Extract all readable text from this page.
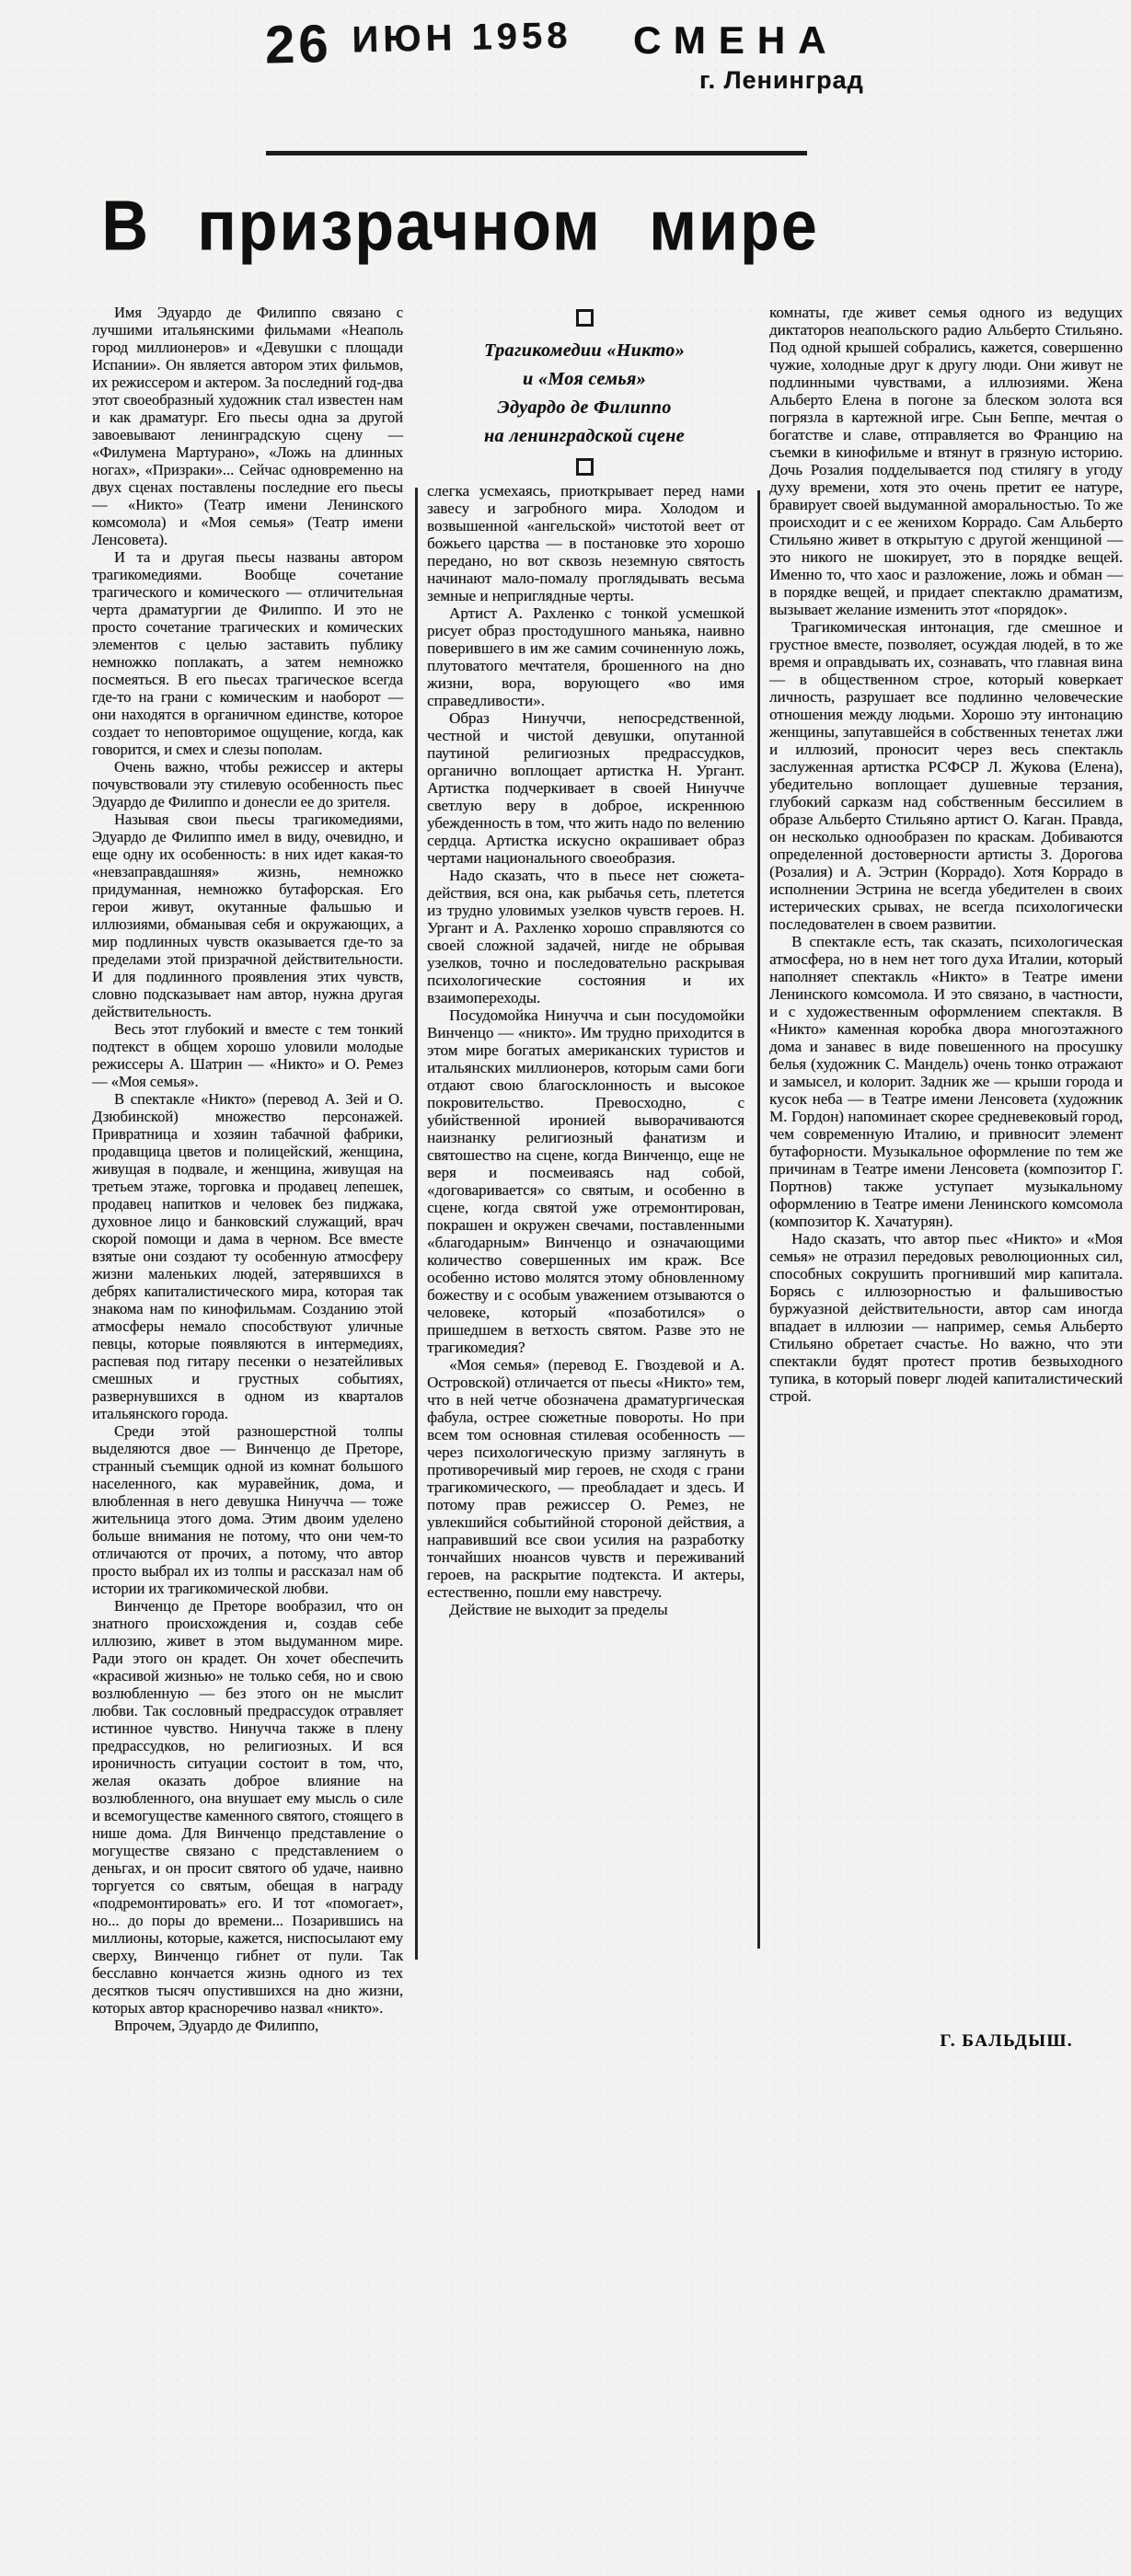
26 ИЮН 1958 СМЕНА
г. Ленинград
В призрачном мире
Трагикомедии «Никто»
и «Моя семья»
Эдуардо де Филиппо
на ленинградской сцене

Имя Эдуардо де Филиппо связано с лучшими итальянскими фильмами «Неаполь город миллионеров» и «Девушки с площади Испании». Он является автором этих фильмов, их режиссером и актером. За последний год-два этот своеобразный художник стал известен нам и как драматург. Его пьесы одна за другой завоевывают ленинградскую сцену — «Филумена Мартурано», «Ложь на длинных ногах», «Призраки»... Сейчас одновременно на двух сценах поставлены последние его пьесы — «Никто» (Театр имени Ленинского комсомола) и «Моя семья» (Театр имени Ленсовета).

И та и другая пьесы названы автором трагикомедиями. Вообще сочетание трагического и комического — отличительная черта драматургии де Филиппо. И это не просто сочетание трагических и комических элементов с целью заставить публику немножко поплакать, а затем немножко посмеяться. В его пьесах трагическое всегда где-то на грани с комическим и наоборот — они находятся в органичном единстве, которое создает то неповторимое ощущение, когда, как говорится, и смех и слезы пополам.

Очень важно, чтобы режиссер и актеры почувствовали эту стилевую особенность пьес Эдуардо де Филиппо и донесли ее до зрителя.

Называя свои пьесы трагикомедиями, Эдуардо де Филиппо имел в виду, очевидно, и еще одну их особенность: в них идет какая-то «невзаправдашняя» жизнь, немножко придуманная, немножко бутафорская. Его герои живут, окутанные фальшью и иллюзиями, обманывая себя и окружающих, а мир подлинных чувств оказывается где-то за пределами этой призрачной действительности. И для подлинного проявления этих чувств, словно подсказывает нам автор, нужна другая действительность.

Весь этот глубокий и вместе с тем тонкий подтекст в общем хорошо уловили молодые режиссеры А. Шатрин — «Никто» и О. Ремез — «Моя семья».

В спектакле «Никто» (перевод А. Зей и О. Дзюбинской) множество персонажей. Привратница и хозяин табачной фабрики, продавщица цветов и полицейский, женщина, живущая в подвале, и женщина, живущая на третьем этаже, торговка и продавец лепешек, продавец напитков и человек без пиджака, духовное лицо и банковский служащий, врач скорой помощи и дама в черном. Все вместе взятые они создают ту особенную атмосферу жизни маленьких людей, затерявшихся в дебрях капиталистического мира, которая так знакома нам по кинофильмам. Созданию этой атмосферы немало способствуют уличные певцы, которые появляются в интермедиях, распевая под гитару песенки о незатейливых смешных и грустных событиях, развернувшихся в одном из кварталов итальянского города.

Среди этой разношерстной толпы выделяются двое — Винченцо де Преторе, странный съемщик одной из комнат большого населенного, как муравейник, дома, и влюбленная в него девушка Нинучча — тоже жительница этого дома. Этим двоим уделено больше внимания не потому, что они чем-то отличаются от прочих, а потому, что автор просто выбрал их из толпы и рассказал нам об истории их трагикомической любви.

Винченцо де Преторе вообразил, что он знатного происхождения и, создав себе иллюзию, живет в этом выдуманном мире. Ради этого он крадет. Он хочет обеспечить «красивой жизнью» не только себя, но и свою возлюбленную — без этого он не мыслит любви. Так сословный предрассудок отравляет истинное чувство. Нинучча также в плену предрассудков, но религиозных. И вся ироничность ситуации состоит в том, что, желая оказать доброе влияние на возлюбленного, она внушает ему мысль о силе и всемогуществе каменного святого, стоящего в нише дома. Для Винченцо представление о могуществе связано с представлением о деньгах, и он просит святого об удаче, наивно торгуется со святым, обещая в награду «подремонтировать» его. И тот «помогает», но... до поры до времени... Позарившись на миллионы, которые, кажется, ниспосылают ему сверху, Винченцо гибнет от пули. Так бесславно кончается жизнь одного из тех десятков тысяч опустившихся на дно жизни, которых автор красноречиво назвал «никто».

Впрочем, Эдуардо де Филиппо,

слегка усмехаясь, приоткрывает перед нами завесу и загробного мира. Холодом и возвышенной «ангельской» чистотой веет от божьего царства — в постановке это хорошо передано, но вот сквозь неземную святость начинают мало-помалу проглядывать весьма земные и неприглядные черты.

Артист А. Рахленко с тонкой усмешкой рисует образ простодушного маньяка, наивно поверившего в им же самим сочиненную ложь, плутоватого мечтателя, брошенного на дно жизни, вора, ворующего «во имя справедливости».

Образ Нинуччи, непосредственной, честной и чистой девушки, опутанной паутиной религиозных предрассудков, органично воплощает артистка Н. Ургант. Артистка подчеркивает в своей Нинучче светлую веру в доброе, искреннюю убежденность в том, что жить надо по велению сердца. Артистка искусно окрашивает образ чертами национального своеобразия.

Надо сказать, что в пьесе нет сюжета-действия, вся она, как рыбачья сеть, плетется из трудно уловимых узелков чувств героев. Н. Ургант и А. Рахленко хорошо справляются со своей сложной задачей, нигде не обрывая узелков, точно и последовательно раскрывая психологические состояния и их взаимопереходы.

Посудомойка Нинучча и сын посудомойки Винченцо — «никто». Им трудно приходится в этом мире богатых американских туристов и итальянских миллионеров, которым сами боги отдают свою благосклонность и высокое покровительство. Превосходно, с убийственной иронией выворачиваются наизнанку религиозный фанатизм и святошество на сцене, когда Винченцо, еще не веря и посмеиваясь над собой, «договаривается» со святым, и особенно в сцене, когда святой уже отремонтирован, покрашен и окружен свечами, поставленными «благодарным» Винченцо и означающими количество совершенных им краж. Все особенно истово молятся этому обновленному божеству и с особым уважением отзываются о человеке, который «позаботился» о пришедшем в ветхость святом. Разве это не трагикомедия?

«Моя семья» (перевод Е. Гвоздевой и А. Островской) отличается от пьесы «Никто» тем, что в ней четче обозначена драматургическая фабула, острее сюжетные повороты. Но при всем том основная стилевая особенность — через психологическую призму заглянуть в противоречивый мир героев, не сходя с грани трагикомического, — преобладает и здесь. И потому прав режиссер О. Ремез, не увлекшийся событийной стороной действия, а направивший все свои усилия на разработку тончайших нюансов чувств и переживаний героев, на раскрытие подтекста. И актеры, естественно, пошли ему навстречу.

Действие не выходит за пределы

комнаты, где живет семья одного из ведущих диктаторов неапольского радио Альберто Стильяно. Под одной крышей собрались, кажется, совершенно чужие, холодные друг к другу люди. Они живут не подлинными чувствами, а иллюзиями. Жена Альберто Елена в погоне за блеском золота вся погрязла в картежной игре. Сын Беппе, мечтая о богатстве и славе, отправляется во Францию на съемки в кинофильме и втянут в грязную историю. Дочь Розалия подделывается под стилягу в угоду духу времени, хотя это очень претит ее натуре, бравирует своей выдуманной аморальностью. То же происходит и с ее женихом Коррадо. Сам Альберто Стильяно живет в открытую с другой женщиной — это никого не шокирует, это в порядке вещей. Именно то, что хаос и разложение, ложь и обман — в порядке вещей, и придает спектаклю драматизм, вызывает желание изменить этот «порядок».

Трагикомическая интонация, где смешное и грустное вместе, позволяет, осуждая людей, в то же время и оправдывать их, сознавать, что главная вина — в общественном строе, который коверкает личность, разрушает все подлинно человеческие отношения между людьми. Хорошо эту интонацию женщины, запутавшейся в собственных тенетах лжи и иллюзий, проносит через весь спектакль заслуженная артистка РСФСР Л. Жукова (Елена), убедительно воплощает душевные терзания, глубокий сарказм над собственным бессилием в образе Альберто Стильяно артист О. Каган. Правда, он несколько однообразен по краскам. Добиваются определенной достоверности артисты З. Дорогова (Розалия) и А. Эстрин (Коррадо). Хотя Коррадо в исполнении Эстрина не всегда убедителен в своих истерических срывах, не всегда психологически последователен в своем развитии.

В спектакле есть, так сказать, психологическая атмосфера, но в нем нет того духа Италии, который наполняет спектакль «Никто» в Театре имени Ленинского комсомола. И это связано, в частности, и с художественным оформлением спектакля. В «Никто» каменная коробка двора многоэтажного дома и занавес в виде повешенного на просушку белья (художник С. Мандель) очень тонко отражают и замысел, и колорит. Задник же — крыши города и кусок неба — в Театре имени Ленсовета (художник М. Гордон) напоминает скорее средневековый город, чем современную Италию, и привносит элемент бутафорности. Музыкальное оформление по тем же причинам в Театре имени Ленсовета (композитор Г. Портнов) также уступает музыкальному оформлению в Театре имени Ленинского комсомола (композитор К. Хачатурян).

Надо сказать, что автор пьес «Никто» и «Моя семья» не отразил передовых революционных сил, способных сокрушить прогнивший мир капитала. Борясь с иллюзорностью и фальшивостью буржуазной действительности, автор сам иногда впадает в иллюзии — например, семья Альберто Стильяно обретает счастье. Но важно, что эти спектакли будят протест против безвыходного тупика, в который поверг людей капиталистический строй.

Г. БАЛЬДЫШ.
